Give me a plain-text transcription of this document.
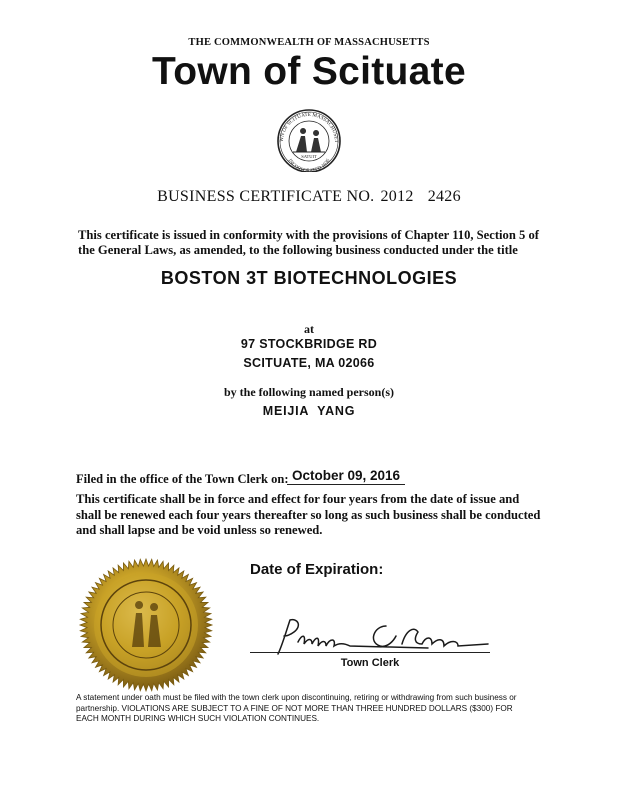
THE COMMONWEALTH OF MASSACHUSETTS
Town of Scituate
WN OF SCITUATE MASSACHUSET
INCORPORATED 1636
SATUIT
BUSINESS CERTIFICATE NO. 2012 2426
This certificate is issued in conformity with the provisions of Chapter 110, Section 5 of the General Laws, as amended, to the following business conducted under the title
BOSTON 3T BIOTECHNOLOGIES
at
97 STOCKBRIDGE RD
SCITUATE, MA 02066
by the following named person(s)
MEIJIA  YANG
Filed in the office of the Town Clerk on: October 09, 2016
This certificate shall be in force and effect for four years from the date of issue and shall be renewed each four years thereafter so long as such business shall be conducted and shall lapse and be void unless so renewed.
Date of Expiration:
Town Clerk
A statement under oath must be filed with the town clerk upon discontinuing, retiring or withdrawing from such business or partnership. VIOLATIONS ARE SUBJECT TO A FINE OF NOT MORE THAN THREE HUNDRED DOLLARS ($300) FOR EACH MONTH DURING WHICH SUCH VIOLATION CONTINUES.
